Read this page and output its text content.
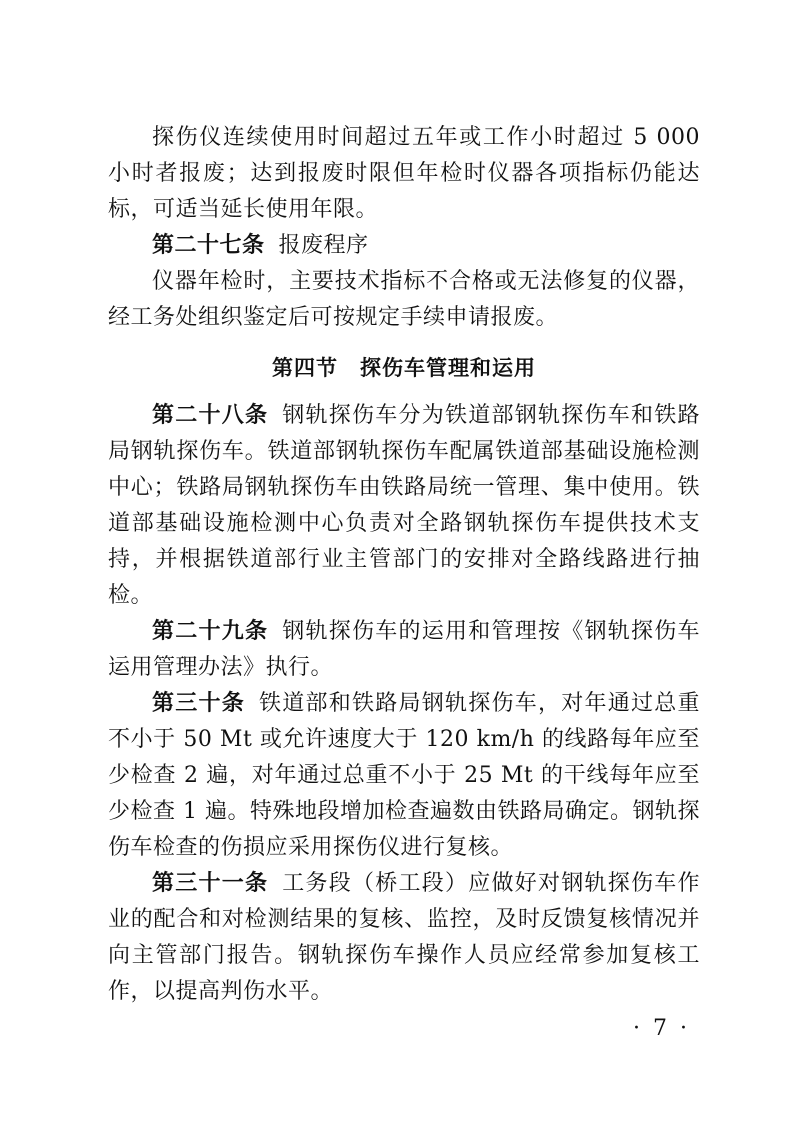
探伤仪连续使用时间超过五年或工作小时超过 5 000 小时者报废；达到报废时限但年检时仪器各项指标仍能达标，可适当延长使用年限。

第二十七条 报废程序

仪器年检时，主要技术指标不合格或无法修复的仪器，经工务处组织鉴定后可按规定手续申请报废。

第四节 探伤车管理和运用

第二十八条 钢轨探伤车分为铁道部钢轨探伤车和铁路局钢轨探伤车。铁道部钢轨探伤车配属铁道部基础设施检测中心；铁路局钢轨探伤车由铁路局统一管理、集中使用。铁道部基础设施检测中心负责对全路钢轨探伤车提供技术支持，并根据铁道部行业主管部门的安排对全路线路进行抽检。

第二十九条 钢轨探伤车的运用和管理按《钢轨探伤车运用管理办法》执行。

第三十条 铁道部和铁路局钢轨探伤车，对年通过总重不小于 50 Mt 或允许速度大于 120 km/h 的线路每年应至少检查 2 遍，对年通过总重不小于 25 Mt 的干线每年应至少检查 1 遍。特殊地段增加检查遍数由铁路局确定。钢轨探伤车检查的伤损应采用探伤仪进行复核。

第三十一条 工务段（桥工段）应做好对钢轨探伤车作业的配合和对检测结果的复核、监控，及时反馈复核情况并向主管部门报告。钢轨探伤车操作人员应经常参加复核工作，以提高判伤水平。

· 7 ·
